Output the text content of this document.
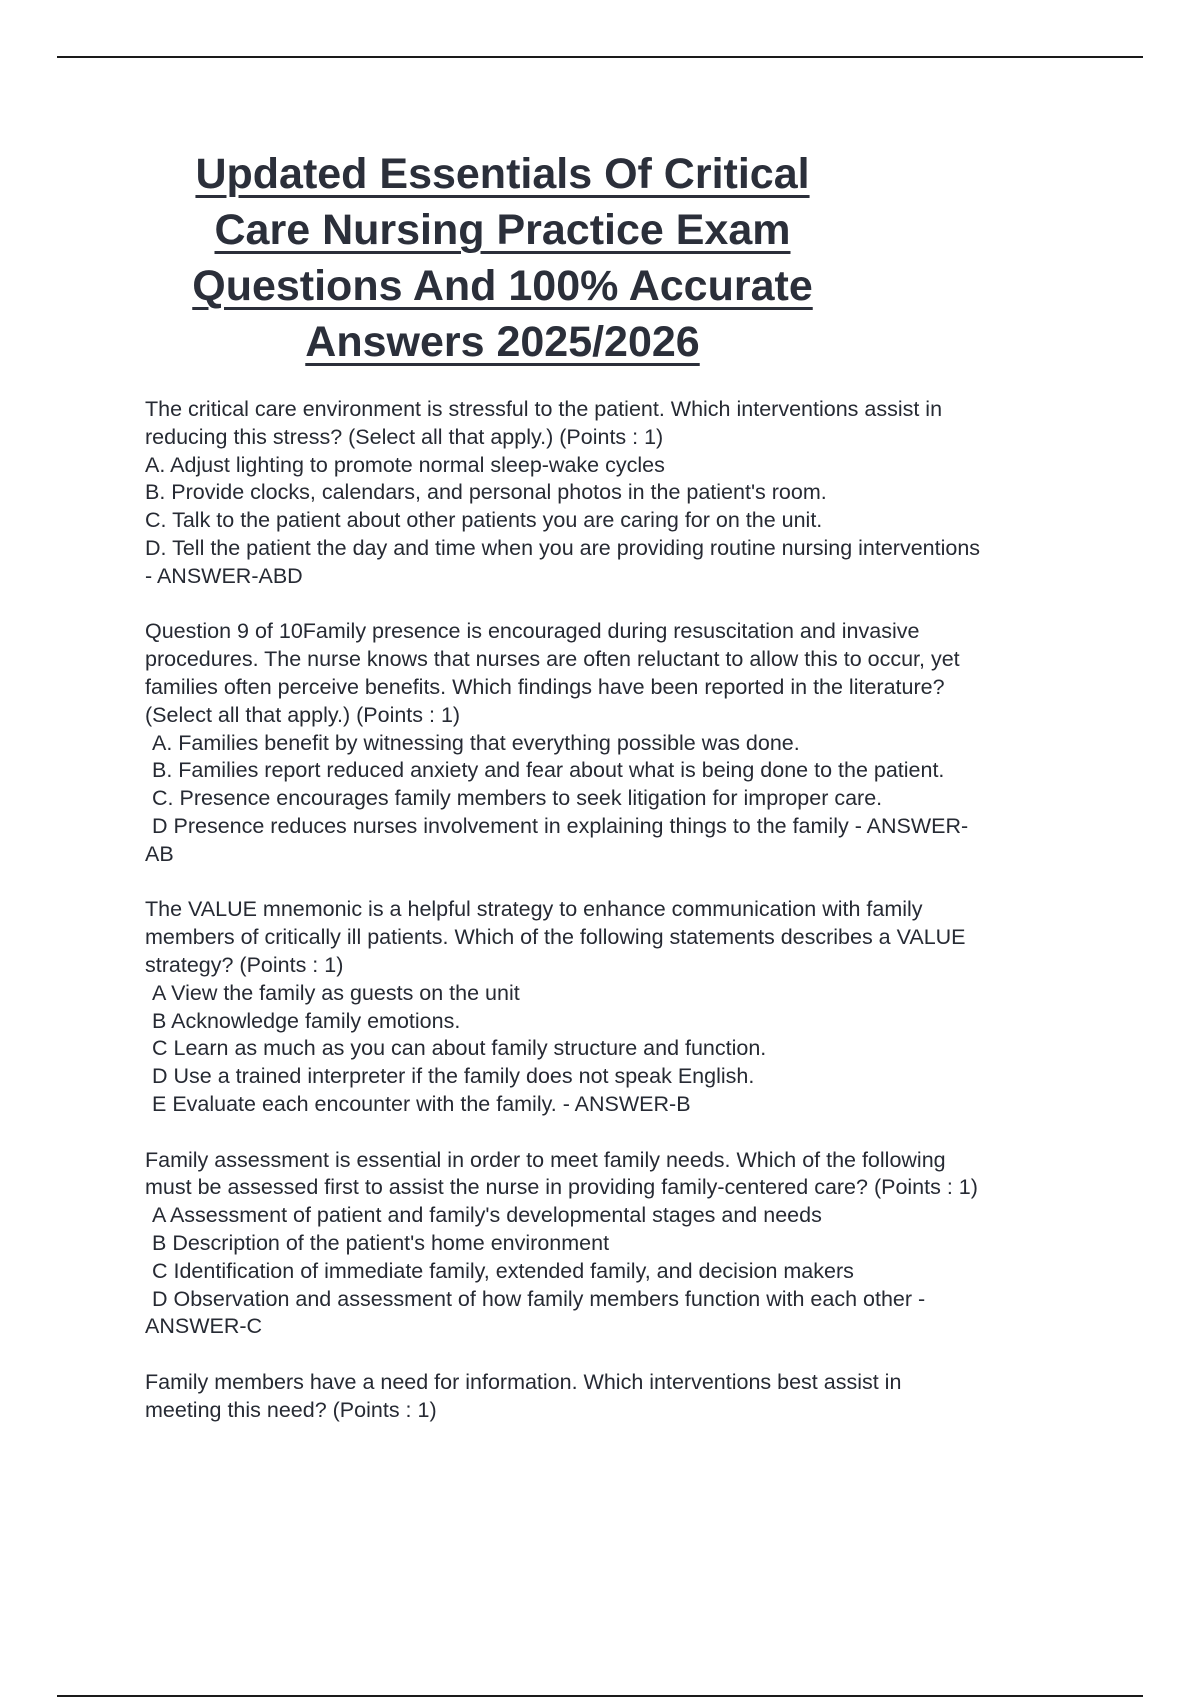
Updated Essentials Of Critical
Care Nursing Practice Exam
Questions And 100% Accurate
Answers 2025/2026
The critical care environment is stressful to the patient. Which interventions assist in
reducing this stress? (Select all that apply.) (Points : 1)
A. Adjust lighting to promote normal sleep-wake cycles
B. Provide clocks, calendars, and personal photos in the patient's room.
C. Talk to the patient about other patients you are caring for on the unit.
D. Tell the patient the day and time when you are providing routine nursing interventions
- ANSWER-ABD
Question 9 of 10Family presence is encouraged during resuscitation and invasive
procedures. The nurse knows that nurses are often reluctant to allow this to occur, yet
families often perceive benefits. Which findings have been reported in the literature?
(Select all that apply.) (Points : 1)
A. Families benefit by witnessing that everything possible was done.
B. Families report reduced anxiety and fear about what is being done to the patient.
C. Presence encourages family members to seek litigation for improper care.
D Presence reduces nurses involvement in explaining things to the family - ANSWER-
AB
The VALUE mnemonic is a helpful strategy to enhance communication with family
members of critically ill patients. Which of the following statements describes a VALUE
strategy? (Points : 1)
A View the family as guests on the unit
B Acknowledge family emotions.
C Learn as much as you can about family structure and function.
D Use a trained interpreter if the family does not speak English.
E Evaluate each encounter with the family. - ANSWER-B
Family assessment is essential in order to meet family needs. Which of the following
must be assessed first to assist the nurse in providing family-centered care? (Points : 1)
A Assessment of patient and family's developmental stages and needs
B Description of the patient's home environment
C Identification of immediate family, extended family, and decision makers
D Observation and assessment of how family members function with each other -
ANSWER-C
Family members have a need for information. Which interventions best assist in
meeting this need? (Points : 1)
